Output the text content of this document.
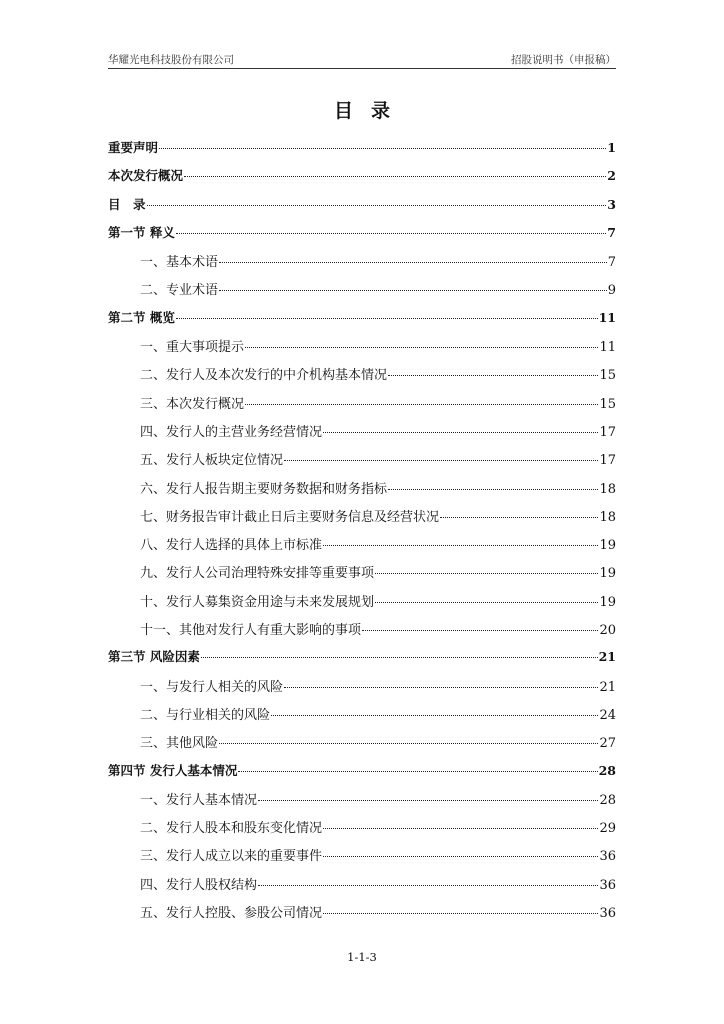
华耀光电科技股份有限公司	招股说明书（申报稿）
目录
重要声明	1
本次发行概况	2
目　录	3
第一节 释义	7
一、基本术语	7
二、专业术语	9
第二节 概览	11
一、重大事项提示	11
二、发行人及本次发行的中介机构基本情况	15
三、本次发行概况	15
四、发行人的主营业务经营情况	17
五、发行人板块定位情况	17
六、发行人报告期主要财务数据和财务指标	18
七、财务报告审计截止日后主要财务信息及经营状况	18
八、发行人选择的具体上市标准	19
九、发行人公司治理特殊安排等重要事项	19
十、发行人募集资金用途与未来发展规划	19
十一、其他对发行人有重大影响的事项	20
第三节 风险因素	21
一、与发行人相关的风险	21
二、与行业相关的风险	24
三、其他风险	27
第四节 发行人基本情况	28
一、发行人基本情况	28
二、发行人股本和股东变化情况	29
三、发行人成立以来的重要事件	36
四、发行人股权结构	36
五、发行人控股、参股公司情况	36
1-1-3
